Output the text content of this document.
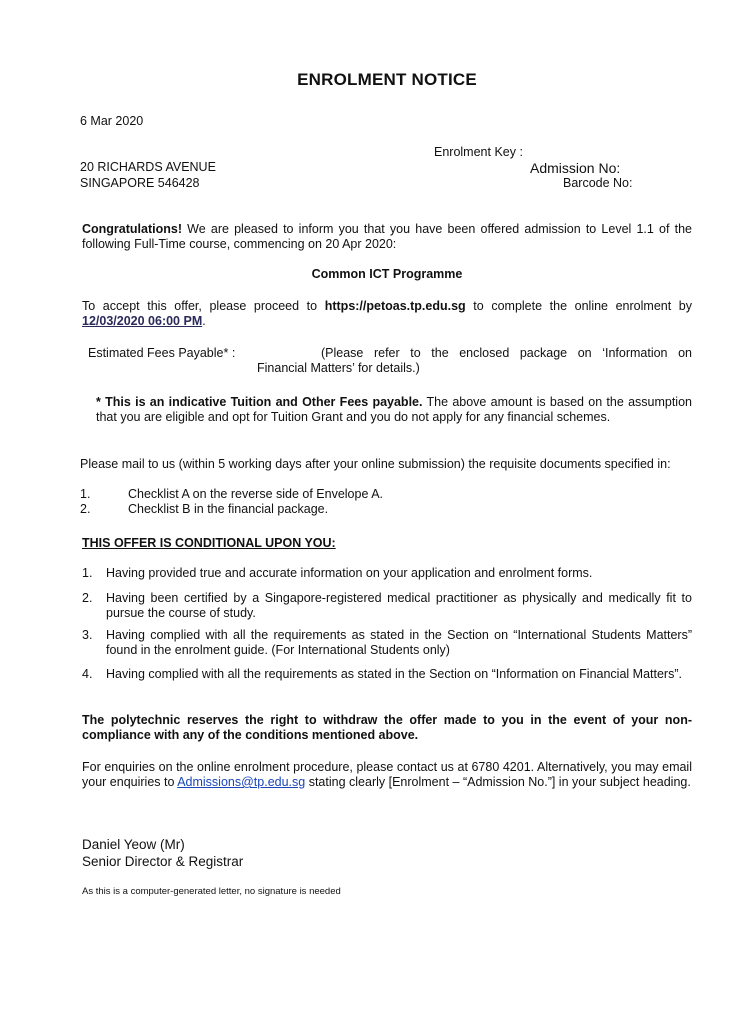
ENROLMENT NOTICE
6 Mar 2020
Enrolment Key :
Admission No:
Barcode No:
20 RICHARDS AVENUE
SINGAPORE 546428
Congratulations! We are pleased to inform you that you have been offered admission to Level 1.1 of the following Full-Time course, commencing on 20 Apr 2020:
Common ICT Programme
To accept this offer, please proceed to https://petoas.tp.edu.sg to complete the online enrolment by 12/03/2020 06:00 PM.
Estimated Fees Payable* :	(Please refer to the enclosed package on ‘Information on
Financial Matters’ for details.)
* This is an indicative Tuition and Other Fees payable. The above amount is based on the assumption that you are eligible and opt for Tuition Grant and you do not apply for any financial schemes.
Please mail to us (within 5 working days after your online submission) the requisite documents specified in:
1.	Checklist A on the reverse side of Envelope A.
2.	Checklist B in the financial package.
THIS OFFER IS CONDITIONAL UPON YOU:
1. Having provided true and accurate information on your application and enrolment forms.
2. Having been certified by a Singapore-registered medical practitioner as physically and medically fit to pursue the course of study.
3. Having complied with all the requirements as stated in the Section on “International Students Matters” found in the enrolment guide. (For International Students only)
4. Having complied with all the requirements as stated in the Section on “Information on Financial Matters”.
The polytechnic reserves the right to withdraw the offer made to you in the event of your non-compliance with any of the conditions mentioned above.
For enquiries on the online enrolment procedure, please contact us at 6780 4201. Alternatively, you may email your enquiries to Admissions@tp.edu.sg stating clearly [Enrolment – “Admission No.”] in your subject heading.
Daniel Yeow (Mr)
Senior Director & Registrar
As this is a computer-generated letter, no signature is needed
